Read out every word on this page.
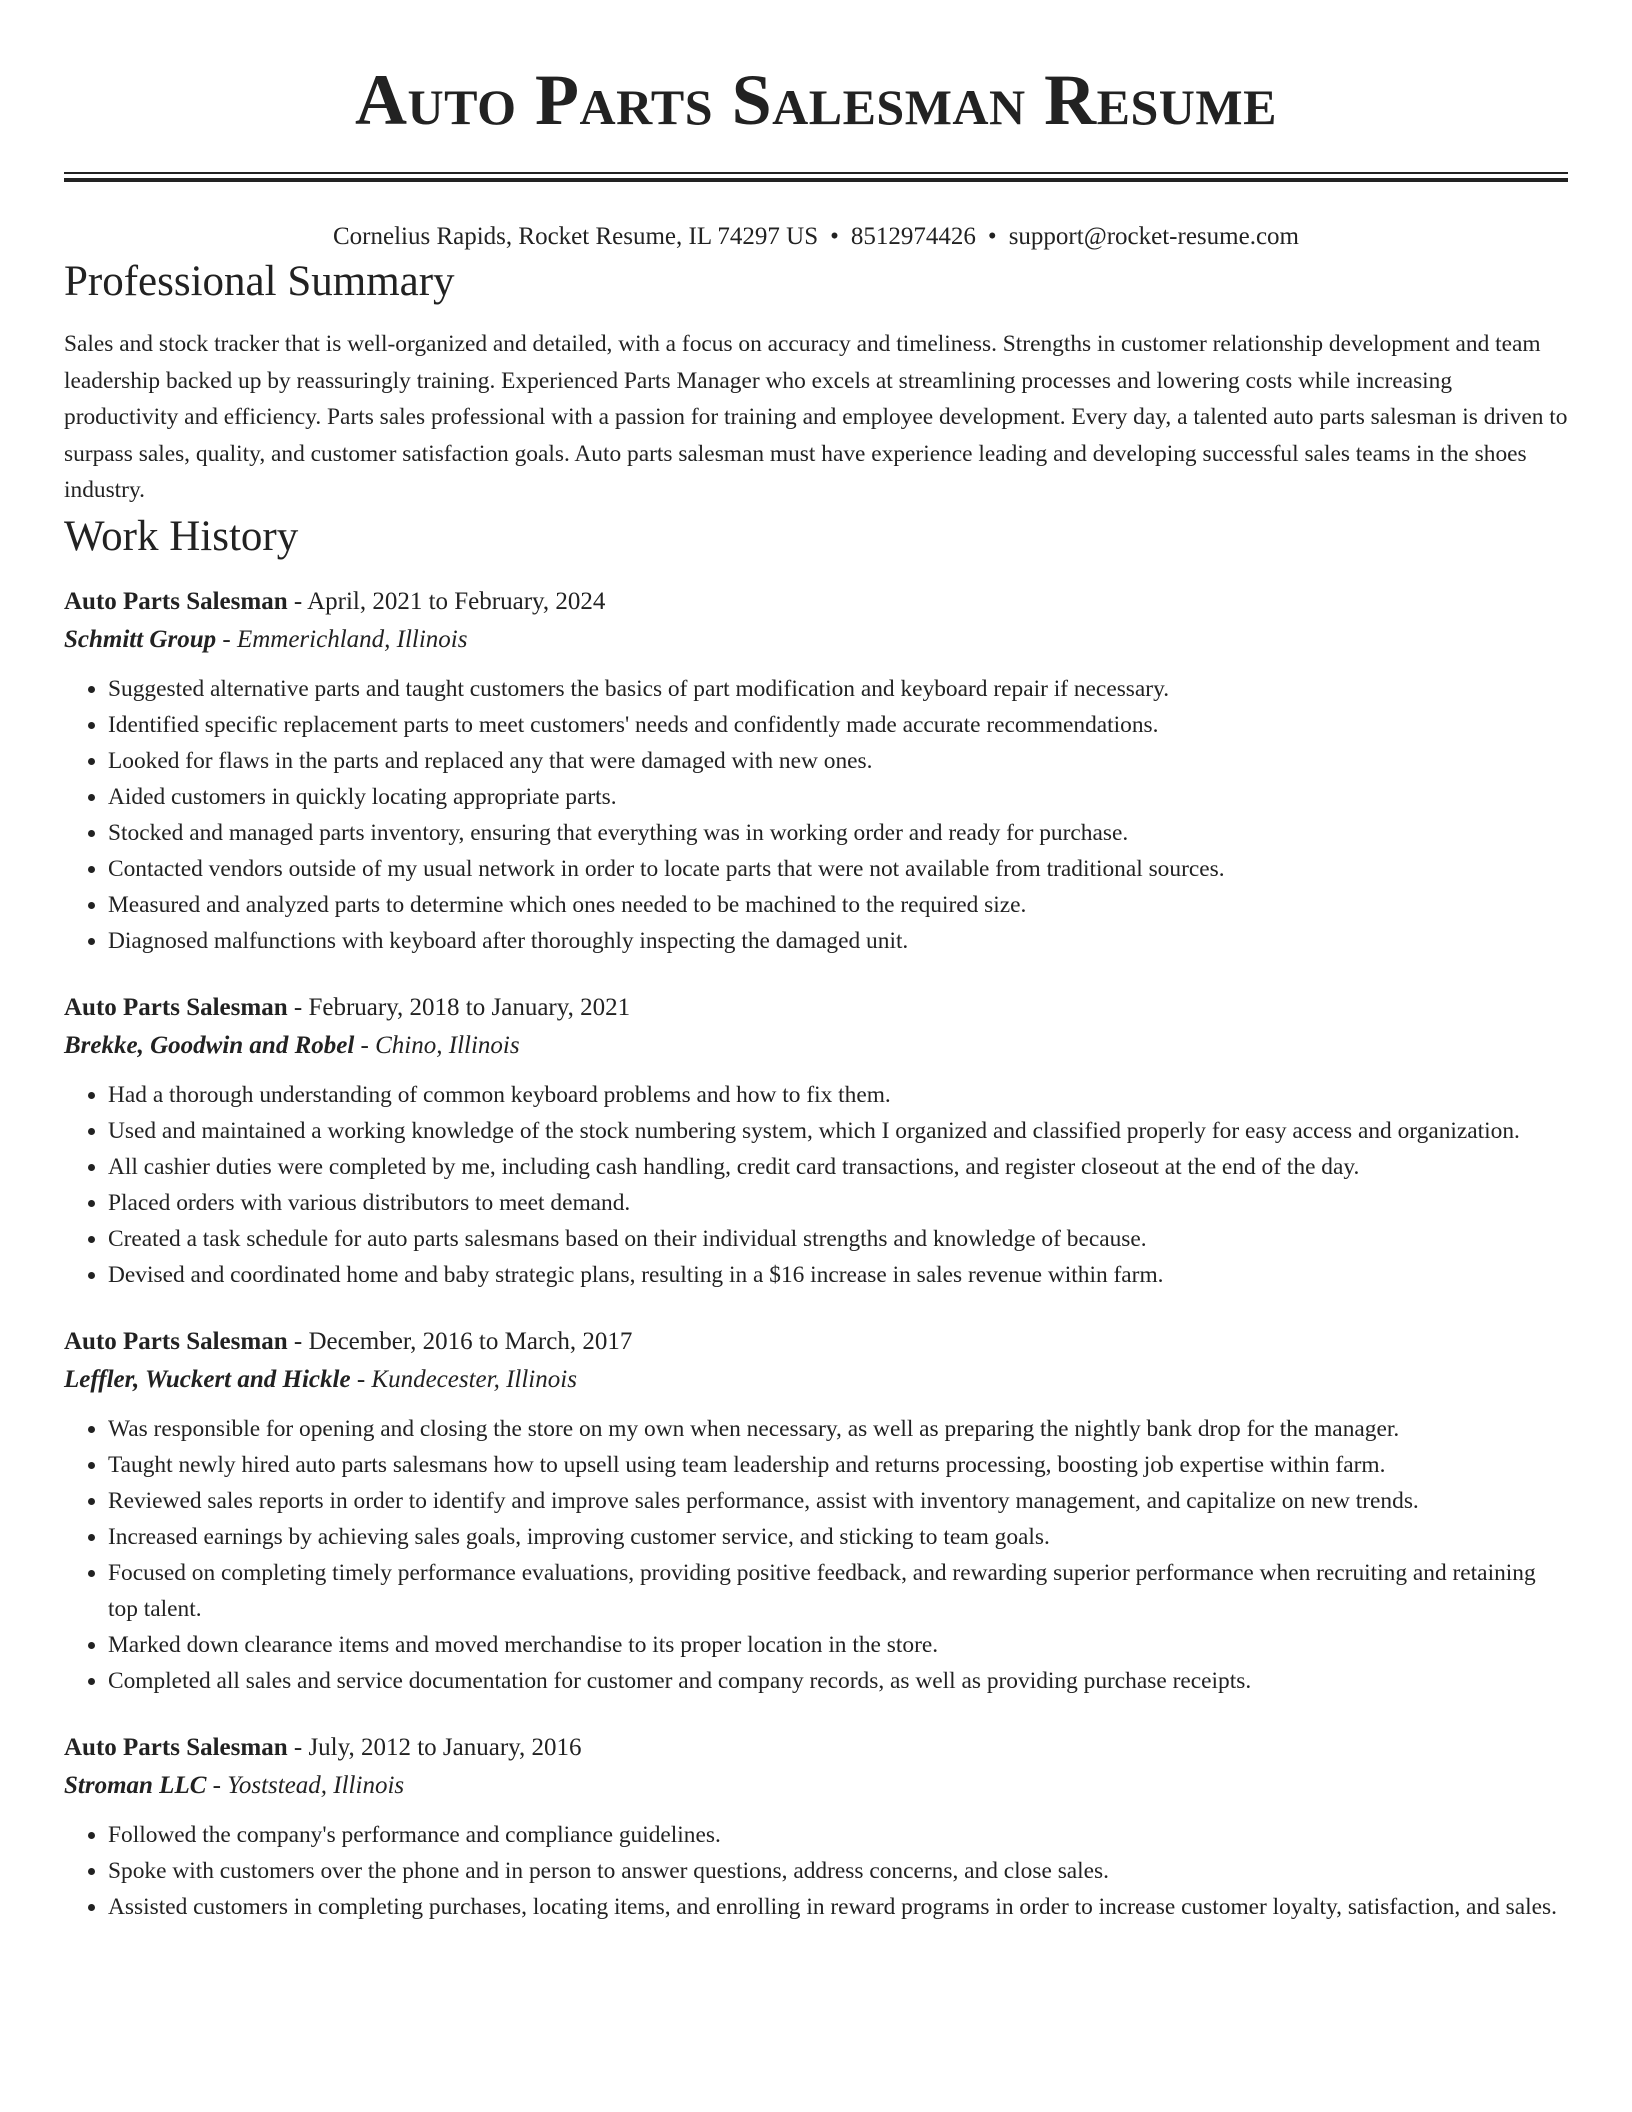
Auto Parts Salesman Resume
Cornelius Rapids, Rocket Resume, IL 74297 US • 8512974426 • support@rocket-resume.com
Professional Summary
Sales and stock tracker that is well-organized and detailed, with a focus on accuracy and timeliness. Strengths in customer relationship development and team leadership backed up by reassuringly training. Experienced Parts Manager who excels at streamlining processes and lowering costs while increasing productivity and efficiency. Parts sales professional with a passion for training and employee development. Every day, a talented auto parts salesman is driven to surpass sales, quality, and customer satisfaction goals. Auto parts salesman must have experience leading and developing successful sales teams in the shoes industry.
Work History
Auto Parts Salesman - April, 2021 to February, 2024
Schmitt Group - Emmerichland, Illinois
• Suggested alternative parts and taught customers the basics of part modification and keyboard repair if necessary.
• Identified specific replacement parts to meet customers' needs and confidently made accurate recommendations.
• Looked for flaws in the parts and replaced any that were damaged with new ones.
• Aided customers in quickly locating appropriate parts.
• Stocked and managed parts inventory, ensuring that everything was in working order and ready for purchase.
• Contacted vendors outside of my usual network in order to locate parts that were not available from traditional sources.
• Measured and analyzed parts to determine which ones needed to be machined to the required size.
• Diagnosed malfunctions with keyboard after thoroughly inspecting the damaged unit.
Auto Parts Salesman - February, 2018 to January, 2021
Brekke, Goodwin and Robel - Chino, Illinois
• Had a thorough understanding of common keyboard problems and how to fix them.
• Used and maintained a working knowledge of the stock numbering system, which I organized and classified properly for easy access and organization.
• All cashier duties were completed by me, including cash handling, credit card transactions, and register closeout at the end of the day.
• Placed orders with various distributors to meet demand.
• Created a task schedule for auto parts salesmans based on their individual strengths and knowledge of because.
• Devised and coordinated home and baby strategic plans, resulting in a $16 increase in sales revenue within farm.
Auto Parts Salesman - December, 2016 to March, 2017
Leffler, Wuckert and Hickle - Kundecester, Illinois
• Was responsible for opening and closing the store on my own when necessary, as well as preparing the nightly bank drop for the manager.
• Taught newly hired auto parts salesmans how to upsell using team leadership and returns processing, boosting job expertise within farm.
• Reviewed sales reports in order to identify and improve sales performance, assist with inventory management, and capitalize on new trends.
• Increased earnings by achieving sales goals, improving customer service, and sticking to team goals.
• Focused on completing timely performance evaluations, providing positive feedback, and rewarding superior performance when recruiting and retaining top talent.
• Marked down clearance items and moved merchandise to its proper location in the store.
• Completed all sales and service documentation for customer and company records, as well as providing purchase receipts.
Auto Parts Salesman - July, 2012 to January, 2016
Stroman LLC - Yoststead, Illinois
• Followed the company's performance and compliance guidelines.
• Spoke with customers over the phone and in person to answer questions, address concerns, and close sales.
• Assisted customers in completing purchases, locating items, and enrolling in reward programs in order to increase customer loyalty, satisfaction, and sales.
